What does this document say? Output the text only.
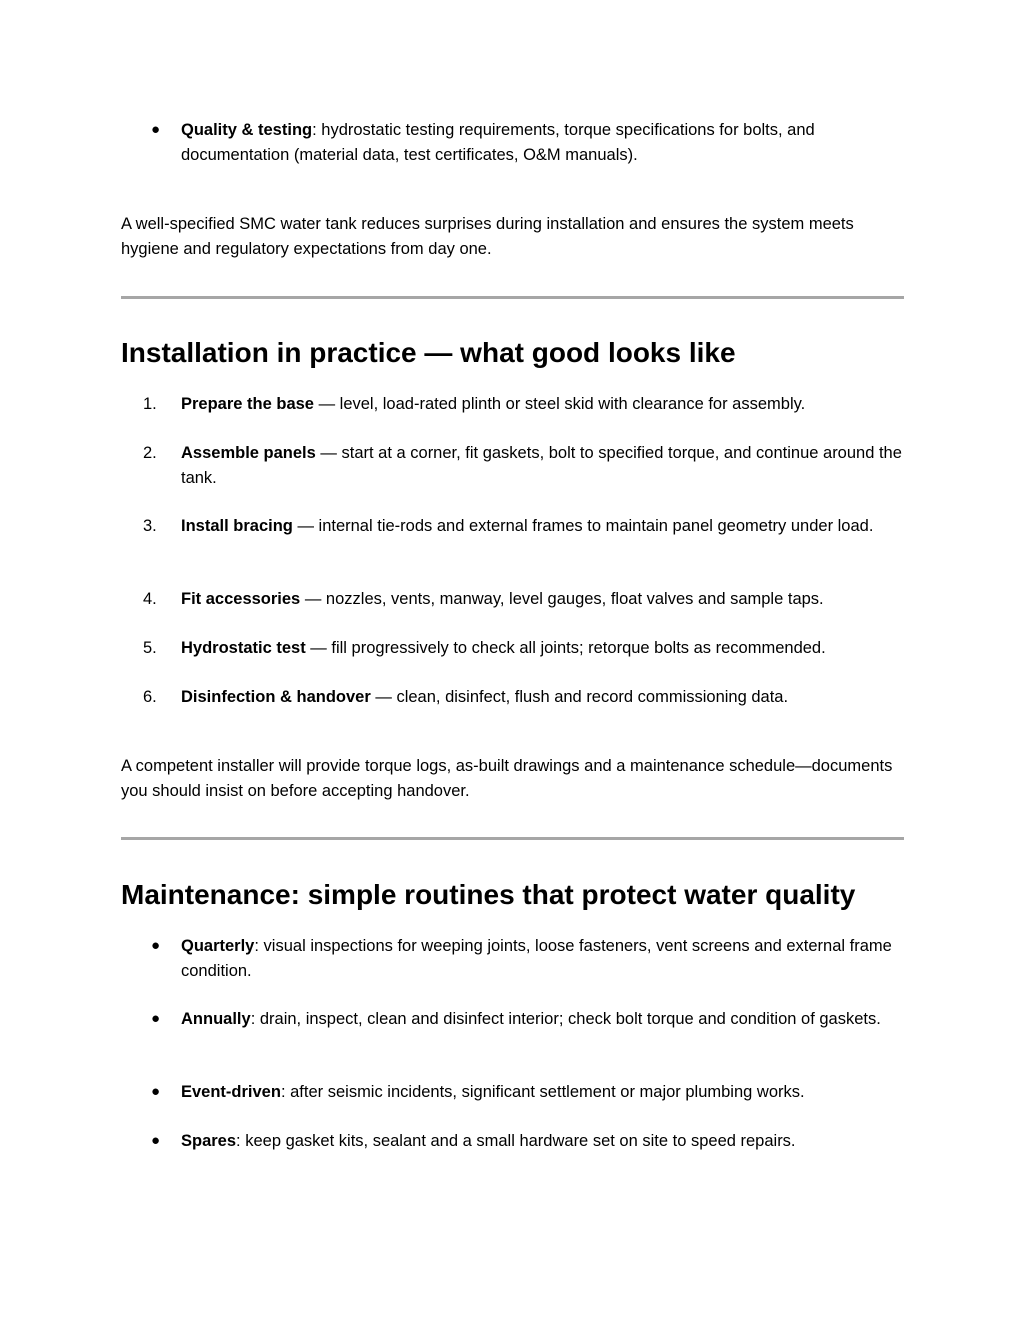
●	Quality & testing: hydrostatic testing requirements, torque specifications for bolts, and documentation (material data, test certificates, O&M manuals).

A well-specified SMC water tank reduces surprises during installation and ensures the system meets hygiene and regulatory expectations from day one.

Installation in practice — what good looks like
1.	Prepare the base — level, load-rated plinth or steel skid with clearance for assembly.
2.	Assemble panels — start at a corner, fit gaskets, bolt to specified torque, and continue around the tank.
3.	Install bracing — internal tie-rods and external frames to maintain panel geometry under load.
4.	Fit accessories — nozzles, vents, manway, level gauges, float valves and sample taps.
5.	Hydrostatic test — fill progressively to check all joints; retorque bolts as recommended.
6.	Disinfection & handover — clean, disinfect, flush and record commissioning data.

A competent installer will provide torque logs, as-built drawings and a maintenance schedule—documents you should insist on before accepting handover.

Maintenance: simple routines that protect water quality
●	Quarterly: visual inspections for weeping joints, loose fasteners, vent screens and external frame condition.
●	Annually: drain, inspect, clean and disinfect interior; check bolt torque and condition of gaskets.
●	Event-driven: after seismic incidents, significant settlement or major plumbing works.
●	Spares: keep gasket kits, sealant and a small hardware set on site to speed repairs.
